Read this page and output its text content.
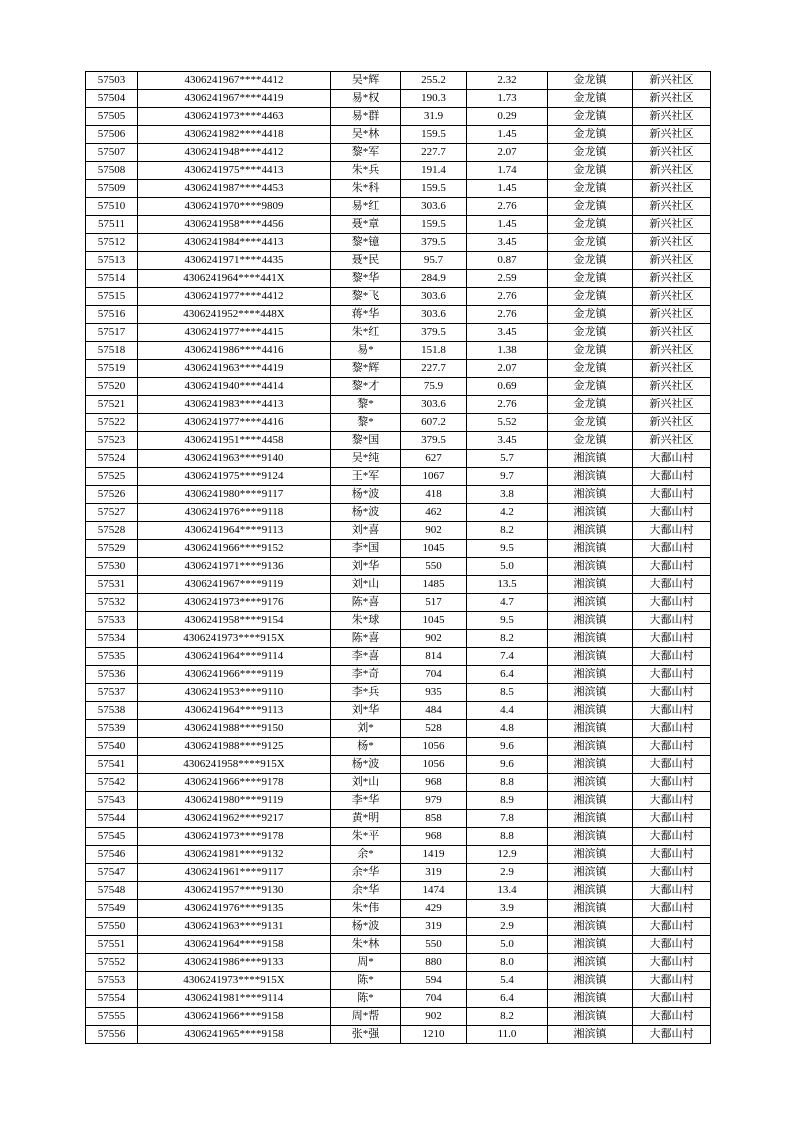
57503	4306241967****4412	吴*辉	255.2	2.32	金龙镇	新兴社区
57504	4306241967****4419	易*权	190.3	1.73	金龙镇	新兴社区
57505	4306241973****4463	易*群	31.9	0.29	金龙镇	新兴社区
57506	4306241982****4418	吴*林	159.5	1.45	金龙镇	新兴社区
57507	4306241948****4412	黎*军	227.7	2.07	金龙镇	新兴社区
57508	4306241975****4413	朱*兵	191.4	1.74	金龙镇	新兴社区
57509	4306241987****4453	朱*科	159.5	1.45	金龙镇	新兴社区
57510	4306241970****9809	易*红	303.6	2.76	金龙镇	新兴社区
57511	4306241958****4456	聂*章	159.5	1.45	金龙镇	新兴社区
57512	4306241984****4413	黎*镱	379.5	3.45	金龙镇	新兴社区
57513	4306241971****4435	聂*民	95.7	0.87	金龙镇	新兴社区
57514	4306241964****441X	黎*华	284.9	2.59	金龙镇	新兴社区
57515	4306241977****4412	黎*飞	303.6	2.76	金龙镇	新兴社区
57516	4306241952****448X	蒋*华	303.6	2.76	金龙镇	新兴社区
57517	4306241977****4415	朱*红	379.5	3.45	金龙镇	新兴社区
57518	4306241986****4416	易*	151.8	1.38	金龙镇	新兴社区
57519	4306241963****4419	黎*辉	227.7	2.07	金龙镇	新兴社区
57520	4306241940****4414	黎*才	75.9	0.69	金龙镇	新兴社区
57521	4306241983****4413	黎*	303.6	2.76	金龙镇	新兴社区
57522	4306241977****4416	黎*	607.2	5.52	金龙镇	新兴社区
57523	4306241951****4458	黎*国	379.5	3.45	金龙镇	新兴社区
57524	4306241963****9140	吴*纯	627	5.7	湘滨镇	大鄱山村
57525	4306241975****9124	王*军	1067	9.7	湘滨镇	大鄱山村
57526	4306241980****9117	杨*波	418	3.8	湘滨镇	大鄱山村
57527	4306241976****9118	杨*波	462	4.2	湘滨镇	大鄱山村
57528	4306241964****9113	刘*喜	902	8.2	湘滨镇	大鄱山村
57529	4306241966****9152	李*国	1045	9.5	湘滨镇	大鄱山村
57530	4306241971****9136	刘*华	550	5.0	湘滨镇	大鄱山村
57531	4306241967****9119	刘*山	1485	13.5	湘滨镇	大鄱山村
57532	4306241973****9176	陈*喜	517	4.7	湘滨镇	大鄱山村
57533	4306241958****9154	朱*球	1045	9.5	湘滨镇	大鄱山村
57534	4306241973****915X	陈*喜	902	8.2	湘滨镇	大鄱山村
57535	4306241964****9114	李*喜	814	7.4	湘滨镇	大鄱山村
57536	4306241966****9119	李*奇	704	6.4	湘滨镇	大鄱山村
57537	4306241953****9110	李*兵	935	8.5	湘滨镇	大鄱山村
57538	4306241964****9113	刘*华	484	4.4	湘滨镇	大鄱山村
57539	4306241988****9150	刘*	528	4.8	湘滨镇	大鄱山村
57540	4306241988****9125	杨*	1056	9.6	湘滨镇	大鄱山村
57541	4306241958****915X	杨*波	1056	9.6	湘滨镇	大鄱山村
57542	4306241966****9178	刘*山	968	8.8	湘滨镇	大鄱山村
57543	4306241980****9119	李*华	979	8.9	湘滨镇	大鄱山村
57544	4306241962****9217	黄*明	858	7.8	湘滨镇	大鄱山村
57545	4306241973****9178	朱*平	968	8.8	湘滨镇	大鄱山村
57546	4306241981****9132	余*	1419	12.9	湘滨镇	大鄱山村
57547	4306241961****9117	余*华	319	2.9	湘滨镇	大鄱山村
57548	4306241957****9130	余*华	1474	13.4	湘滨镇	大鄱山村
57549	4306241976****9135	朱*伟	429	3.9	湘滨镇	大鄱山村
57550	4306241963****9131	杨*波	319	2.9	湘滨镇	大鄱山村
57551	4306241964****9158	朱*林	550	5.0	湘滨镇	大鄱山村
57552	4306241986****9133	周*	880	8.0	湘滨镇	大鄱山村
57553	4306241973****915X	陈*	594	5.4	湘滨镇	大鄱山村
57554	4306241981****9114	陈*	704	6.4	湘滨镇	大鄱山村
57555	4306241966****9158	周*帮	902	8.2	湘滨镇	大鄱山村
57556	4306241965****9158	张*强	1210	11.0	湘滨镇	大鄱山村
